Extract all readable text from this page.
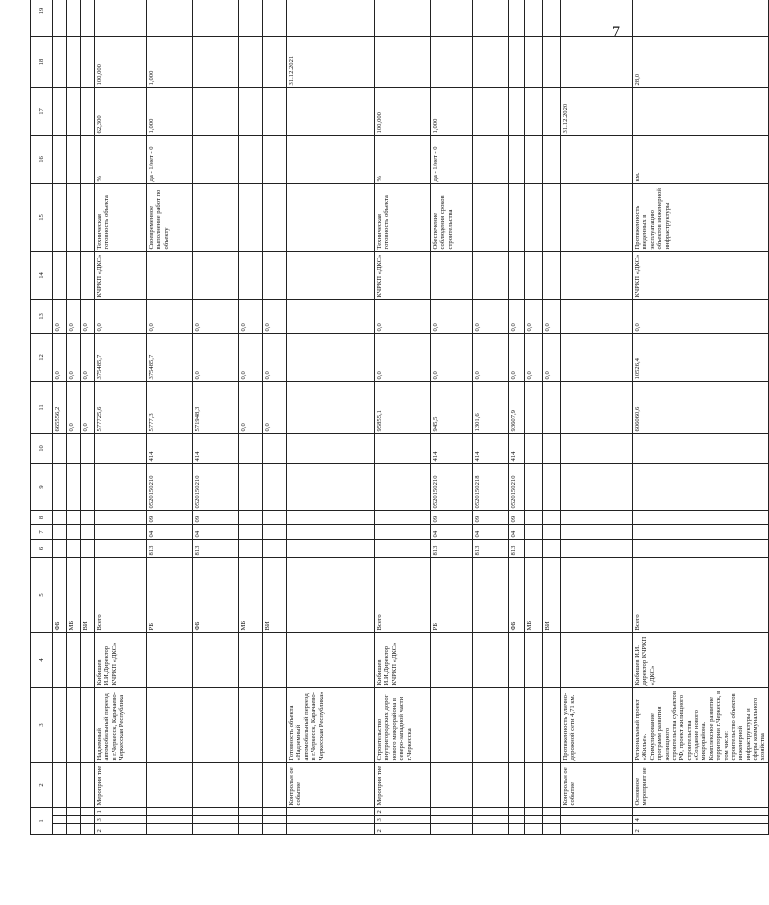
7
1			2	3	4	5	6	7	8	9	10	11	12	13	14	15	16	17	18	19
						ФБ						665556,2	0,0	0,0						
						МБ						0,0	0,0	0,0						
						ВИ						0,0	0,0	0,0						
2	3	1	Мероприя тие	Надземный автомобильный переезд в г.Черкесск, Карачаево-Черкесская Республика	Кибишев И.И.Директор КЧРКП «ДКС»	Всего						577725,6	375485,7	0,0	КЧРКП «ДКС»	Техническая готовность объекта	%	62,300	100,000	
						РБ	813	04	09	0520150210	414	5777,3	375485,7	0,0		Своевременное выполнение работ по объекту	да - 1/нет - 0	1,000	1,000	
						ФБ	813	04	09	0520150210	414	571948,3	0,0	0,0						
						МБ						0,0	0,0	0,0						
						ВИ						0,0	0,0	0,0						
			Контрольн ое событие	Готовность объекта «Надземный автомобильный переезд в г.Черкесск, Карачаево-Черкесская Республика»															31.12.2021	
2	3	2	Мероприя тие	Строительство внутригородских дорог нового микрорайона в северо-западной части г.Черкесска	Кибишев И.И.Директор КЧРКП «ДКС»	Всего						95855,1	0,0	0,0	КЧРКП «ДКС»	Техническая готовность объекта	%	100,000		
						РБ	813	04	09	0520150210	414	945,5	0,0	0,0		Обеспечение соблюдения сроков строительства	да - 1/нет - 0	1,000		
							813	04	09	0520150218	414	1301,6	0,0	0,0						
						ФБ	813	04	09	0520150210	414	93607,9	0,0	0,0						
						МБ							0,0	0,0						
						ВИ							0,0	0,0						
			Контрольн ое событие	Протяженность улично-дорожной сети 4,71 км.														31.12.2020		
2	4		Основное мероприят ие	Региональный проект «Жилье». Стимулирование программ развития жилищного строительства субъектов РФ, проект жилищного строительства «Создание нового микрорайона. Комплексное развитие территории г.Черкесск, в том числе: строительство объектов инженерной инфраструктуры и сферы коммунального хозяйства	Кибишев И.И. директор КЧРКП «ДКС»	Всего						606060,6	10526,4	0,0	КЧРКП «ДКС»	Протяженность введенных в эксплуатацию объектов инженерной инфраструктуры	км.		28,0	
